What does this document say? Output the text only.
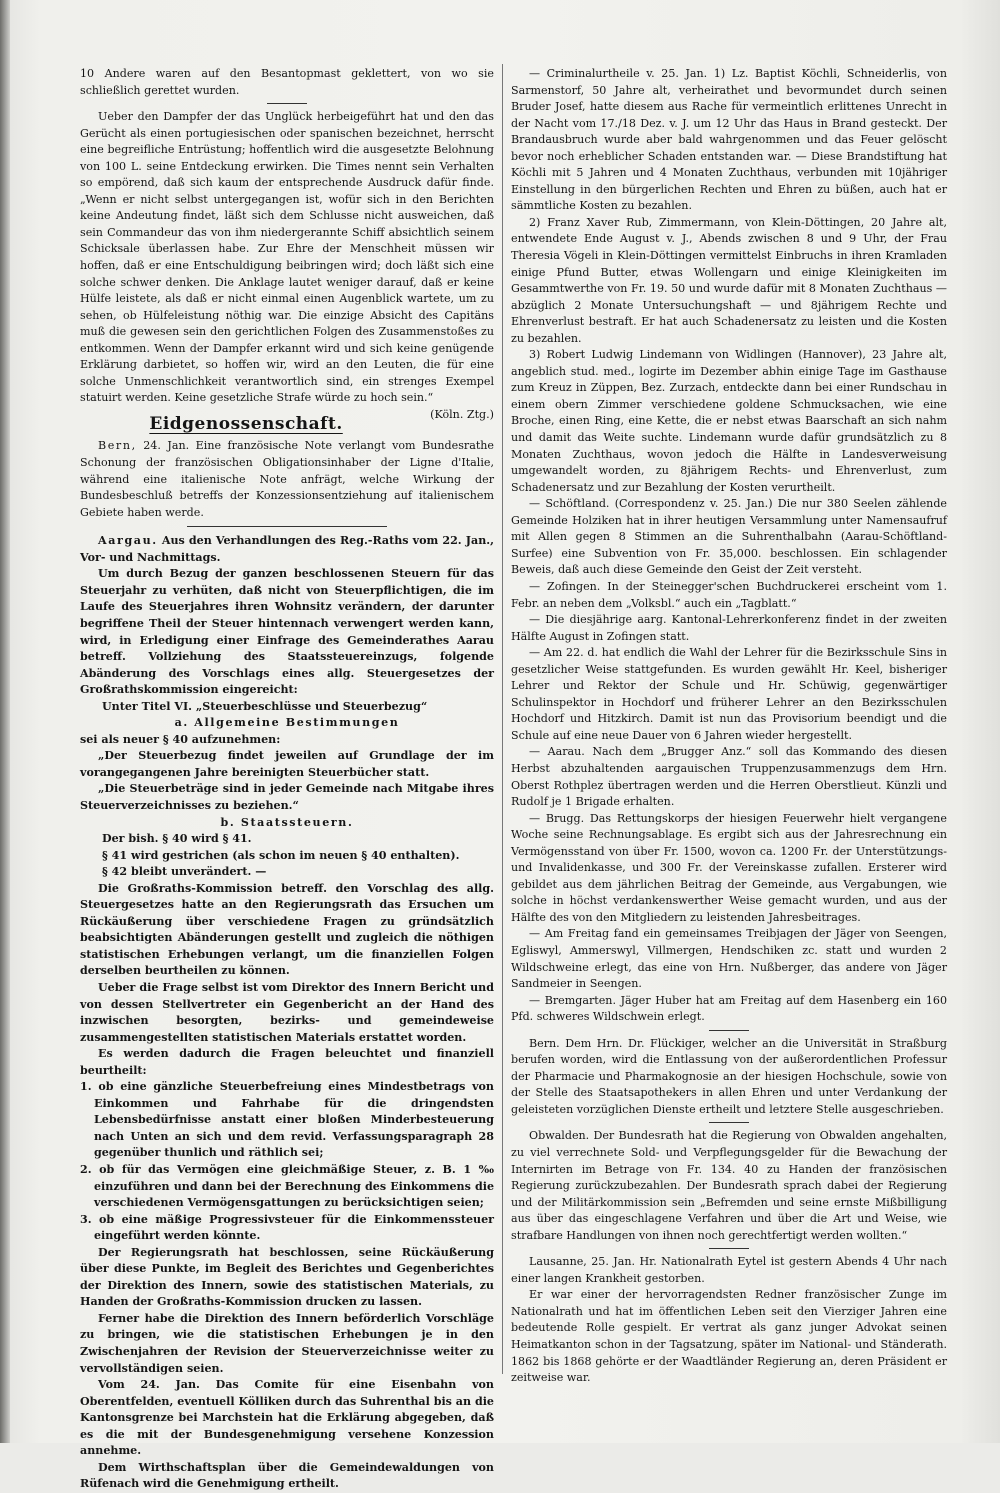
10 Andere waren auf den Besantopmast geklettert, von wo sie schließlich gerettet wurden.

Ueber den Dampfer der das Unglück herbeigeführt hat und den das Gerücht als einen portugiesischen oder spanischen bezeichnet, herrscht eine begreifliche Entrüstung; hoffentlich wird die ausgesetzte Belohnung von 100 L. seine Entdeckung erwirken. Die Times nennt sein Verhalten so empörend, daß sich kaum der entsprechende Ausdruck dafür finde. „Wenn er nicht selbst untergegangen ist, wofür sich in den Berichten keine Andeutung findet, läßt sich dem Schlusse nicht ausweichen, daß sein Commandeur das von ihm niedergerannte Schiff absichtlich seinem Schicksale überlassen habe. Zur Ehre der Menschheit müssen wir hoffen, daß er eine Entschuldigung beibringen wird; doch läßt sich eine solche schwer denken. Die Anklage lautet weniger darauf, daß er keine Hülfe leistete, als daß er nicht einmal einen Augenblick wartete, um zu sehen, ob Hülfeleistung nöthig war. Die einzige Absicht des Capitäns muß die gewesen sein den gerichtlichen Folgen des Zusammenstoßes zu entkommen. Wenn der Dampfer erkannt wird und sich keine genügende Erklärung darbietet, so hoffen wir, wird an den Leuten, die für eine solche Unmenschlichkeit verantwortlich sind, ein strenges Exempel statuirt werden. Keine gesetzliche Strafe würde zu hoch sein.“
(Köln. Ztg.)

Eidgenossenschaft.

Bern, 24. Jan. Eine französische Note verlangt vom Bundesrathe Schonung der französischen Obligationsinhaber der Ligne d'Italie, während eine italienische Note anfrägt, welche Wirkung der Bundesbeschluß betreffs der Konzessionsentziehung auf italienischem Gebiete haben werde.

Aargau. Aus den Verhandlungen des Reg.-Raths vom 22. Jan., Vor- und Nachmittags.

Um durch Bezug der ganzen beschlossenen Steuern für das Steuerjahr zu verhüten, daß nicht von Steuerpflichtigen, die im Laufe des Steuerjahres ihren Wohnsitz verändern, der darunter begriffene Theil der Steuer hintennach verwengert werden kann, wird, in Erledigung einer Einfrage des Gemeinderathes Aarau betreff. Vollziehung des Staatssteuereinzugs, folgende Abänderung des Vorschlags eines allg. Steuergesetzes der Großrathskommission eingereicht:

Unter Titel VI. „Steuerbeschlüsse und Steuerbezug“

a. Allgemeine Bestimmungen

sei als neuer § 40 aufzunehmen:

„Der Steuerbezug findet jeweilen auf Grundlage der im vorangegangenen Jahre bereinigten Steuerbücher statt.

„Die Steuerbeträge sind in jeder Gemeinde nach Mitgabe ihres Steuerverzeichnisses zu beziehen.“

b. Staatssteuern.

Der bish. § 40 wird § 41.

§ 41 wird gestrichen (als schon im neuen § 40 enthalten).

§ 42 bleibt unverändert. —

Die Großraths-Kommission betreff. den Vorschlag des allg. Steuergesetzes hatte an den Regierungsrath das Ersuchen um Rückäußerung über verschiedene Fragen zu gründsätzlich beabsichtigten Abänderungen gestellt und zugleich die nöthigen statistischen Erhebungen verlangt, um die finanziellen Folgen derselben beurtheilen zu können.

Ueber die Frage selbst ist vom Direktor des Innern Bericht und von dessen Stellvertreter ein Gegenbericht an der Hand des inzwischen besorgten, bezirks- und gemeindeweise zusammengestellten statistischen Materials erstattet worden.

Es werden dadurch die Fragen beleuchtet und finanziell beurtheilt:

1. ob eine gänzliche Steuerbefreiung eines Mindestbetrags von Einkommen und Fahrhabe für die dringendsten Lebensbedürfnisse anstatt einer bloßen Minderbesteuerung nach Unten an sich und dem revid. Verfassungsparagraph 28 gegenüber thunlich und räthlich sei;

2. ob für das Vermögen eine gleichmäßige Steuer, z. B. 1 ‰ einzuführen und dann bei der Berechnung des Einkommens die verschiedenen Vermögensgattungen zu berücksichtigen seien;

3. ob eine mäßige Progressivsteuer für die Einkommenssteuer eingeführt werden könnte.

Der Regierungsrath hat beschlossen, seine Rückäußerung über diese Punkte, im Begleit des Berichtes und Gegenberichtes der Direktion des Innern, sowie des statistischen Materials, zu Handen der Großraths-Kommission drucken zu lassen.

Ferner habe die Direktion des Innern beförderlich Vorschläge zu bringen, wie die statistischen Erhebungen je in den Zwischenjahren der Revision der Steuerverzeichnisse weiter zu vervollständigen seien.

Vom 24. Jan. Das Comite für eine Eisenbahn von Oberentfelden, eventuell Kölliken durch das Suhrenthal bis an die Kantonsgrenze bei Marchstein hat die Erklärung abgegeben, daß es die mit der Bundesgenehmigung versehene Konzession annehme.

Dem Wirthschaftsplan über die Gemeindewaldungen von Rüfenach wird die Genehmigung ertheilt.

— Criminalurtheile v. 25. Jan. 1) Lz. Baptist Köchli, Schneiderlis, von Sarmenstorf, 50 Jahre alt, verheirathet und bevormundet durch seinen Bruder Josef, hatte diesem aus Rache für vermeintlich erlittenes Unrecht in der Nacht vom 17./18 Dez. v. J. um 12 Uhr das Haus in Brand gesteckt. Der Brandausbruch wurde aber bald wahrgenommen und das Feuer gelöscht bevor noch erheblicher Schaden entstanden war. — Diese Brandstiftung hat Köchli mit 5 Jahren und 4 Monaten Zuchthaus, verbunden mit 10jähriger Einstellung in den bürgerlichen Rechten und Ehren zu büßen, auch hat er sämmtliche Kosten zu bezahlen.

2) Franz Xaver Rub, Zimmermann, von Klein-Döttingen, 20 Jahre alt, entwendete Ende August v. J., Abends zwischen 8 und 9 Uhr, der Frau Theresia Vögeli in Klein-Döttingen vermittelst Einbruchs in ihren Kramladen einige Pfund Butter, etwas Wollengarn und einige Kleinigkeiten im Gesammtwerthe von Fr. 19. 50 und wurde dafür mit 8 Monaten Zuchthaus — abzüglich 2 Monate Untersuchungshaft — und 8jährigem Rechte und Ehrenverlust bestraft. Er hat auch Schadenersatz zu leisten und die Kosten zu bezahlen.

3) Robert Ludwig Lindemann von Widlingen (Hannover), 23 Jahre alt, angeblich stud. med., logirte im Dezember abhin einige Tage im Gasthause zum Kreuz in Züppen, Bez. Zurzach, entdeckte dann bei einer Rundschau in einem obern Zimmer verschiedene goldene Schmucksachen, wie eine Broche, einen Ring, eine Kette, die er nebst etwas Baarschaft an sich nahm und damit das Weite suchte. Lindemann wurde dafür grundsätzlich zu 8 Monaten Zuchthaus, wovon jedoch die Hälfte in Landesverweisung umgewandelt worden, zu 8jährigem Rechts- und Ehrenverlust, zum Schadenersatz und zur Bezahlung der Kosten verurtheilt.

— Schöftland. (Correspondenz v. 25. Jan.) Die nur 380 Seelen zählende Gemeinde Holziken hat in ihrer heutigen Versammlung unter Namensaufruf mit Allen gegen 8 Stimmen an die Suhrenthalbahn (Aarau-Schöftland-Surfee) eine Subvention von Fr. 35,000. beschlossen. Ein schlagender Beweis, daß auch diese Gemeinde den Geist der Zeit versteht.

— Zofingen. In der Steinegger'schen Buchdruckerei erscheint vom 1. Febr. an neben dem „Volksbl.“ auch ein „Tagblatt.“

— Die diesjährige aarg. Kantonal-Lehrerkonferenz findet in der zweiten Hälfte August in Zofingen statt.

— Am 22. d. hat endlich die Wahl der Lehrer für die Bezirksschule Sins in gesetzlicher Weise stattgefunden. Es wurden gewählt Hr. Keel, bisheriger Lehrer und Rektor der Schule und Hr. Schüwig, gegenwärtiger Schulinspektor in Hochdorf und früherer Lehrer an den Bezirksschulen Hochdorf und Hitzkirch. Damit ist nun das Provisorium beendigt und die Schule auf eine neue Dauer von 6 Jahren wieder hergestellt.

— Aarau. Nach dem „Brugger Anz.“ soll das Kommando des diesen Herbst abzuhaltenden aargauischen Truppenzusammenzugs dem Hrn. Oberst Rothplez übertragen werden und die Herren Oberstlieut. Künzli und Rudolf je 1 Brigade erhalten.

— Brugg. Das Rettungskorps der hiesigen Feuerwehr hielt vergangene Woche seine Rechnungsablage. Es ergibt sich aus der Jahresrechnung ein Vermögensstand von über Fr. 1500, wovon ca. 1200 Fr. der Unterstützungs- und Invalidenkasse, und 300 Fr. der Vereinskasse zufallen. Ersterer wird gebildet aus dem jährlichen Beitrag der Gemeinde, aus Vergabungen, wie solche in höchst verdankenswerther Weise gemacht wurden, und aus der Hälfte des von den Mitgliedern zu leistenden Jahresbeitrages.

— Am Freitag fand ein gemeinsames Treibjagen der Jäger von Seengen, Egliswyl, Ammerswyl, Villmergen, Hendschiken zc. statt und wurden 2 Wildschweine erlegt, das eine von Hrn. Nußberger, das andere von Jäger Sandmeier in Seengen.

— Bremgarten. Jäger Huber hat am Freitag auf dem Hasenberg ein 160 Pfd. schweres Wildschwein erlegt.

Bern. Dem Hrn. Dr. Flückiger, welcher an die Universität in Straßburg berufen worden, wird die Entlassung von der außerordentlichen Professur der Pharmacie und Pharmakognosie an der hiesigen Hochschule, sowie von der Stelle des Staatsapothekers in allen Ehren und unter Verdankung der geleisteten vorzüglichen Dienste ertheilt und letztere Stelle ausgeschrieben.

Obwalden. Der Bundesrath hat die Regierung von Obwalden angehalten, zu viel verrechnete Sold- und Verpflegungsgelder für die Bewachung der Internirten im Betrage von Fr. 134. 40 zu Handen der französischen Regierung zurückzubezahlen. Der Bundesrath sprach dabei der Regierung und der Militärkommission sein „Befremden und seine ernste Mißbilligung aus über das eingeschlagene Verfahren und über die Art und Weise, wie strafbare Handlungen von ihnen noch gerechtfertigt werden wollten.“

Lausanne, 25. Jan. Hr. Nationalrath Eytel ist gestern Abends 4 Uhr nach einer langen Krankheit gestorben.

Er war einer der hervorragendsten Redner französischer Zunge im Nationalrath und hat im öffentlichen Leben seit den Vierziger Jahren eine bedeutende Rolle gespielt. Er vertrat als ganz junger Advokat seinen Heimatkanton schon in der Tagsatzung, später im National- und Ständerath. 1862 bis 1868 gehörte er der Waadtländer Regierung an, deren Präsident er zeitweise war.
